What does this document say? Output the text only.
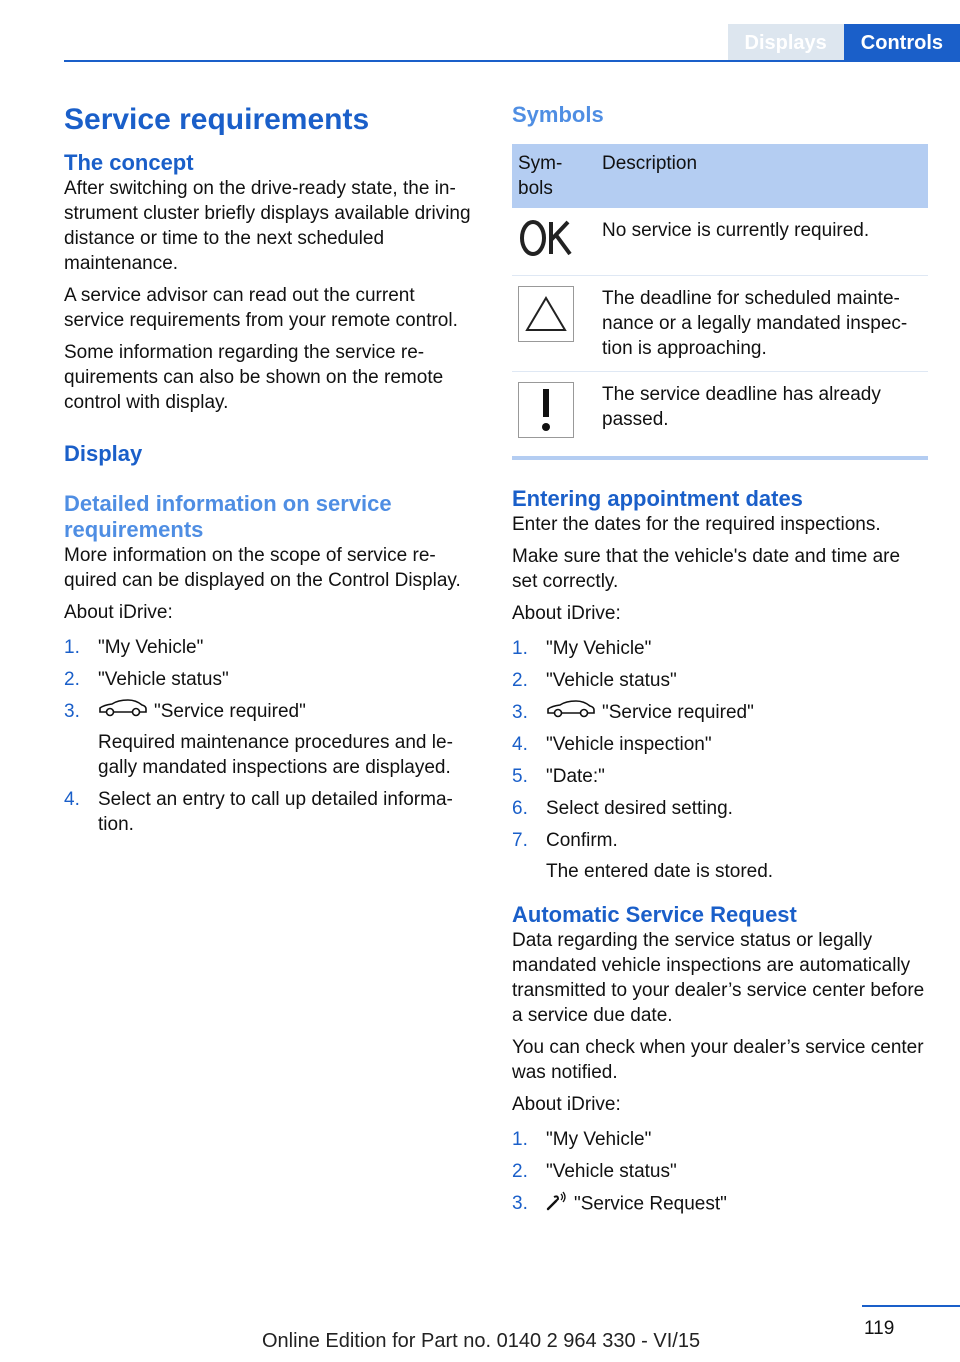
Displays	Controls
Service requirements
The concept

After switching on the drive-ready state, the instrument cluster briefly displays available driving distance or time to the next scheduled maintenance.

A service advisor can read out the current service requirements from your remote control.

Some information regarding the service requirements can also be shown on the remote control with display.

Display
Detailed information on service requirements

More information on the scope of service required can be displayed on the Control Display.

About iDrive:

1. "My Vehicle"
2. "Vehicle status"
3.	"Service required"
Required maintenance procedures and legally mandated inspections are displayed.
4. Select an entry to call up detailed information.
Symbols
Symbols	Description
	No service is currently required.

	The deadline for scheduled maintenance or a legally mandated inspection is approaching.

	The service deadline has already passed.
Entering appointment dates

Enter the dates for the required inspections.

Make sure that the vehicle's date and time are set correctly.

About iDrive:

1. "My Vehicle"
2. "Vehicle status"
3.	"Service required"
4. "Vehicle inspection"
5. "Date:"
6. Select desired setting.
7. Confirm.
The entered date is stored.
Automatic Service Request

Data regarding the service status or legally mandated vehicle inspections are automatically transmitted to your dealer’s service center before a service due date.

You can check when your dealer’s service center was notified.

About iDrive:

1. "My Vehicle"
2. "Vehicle status"
3. "Service Request"
119
Online Edition for Part no. 0140 2 964 330 - VI/15
